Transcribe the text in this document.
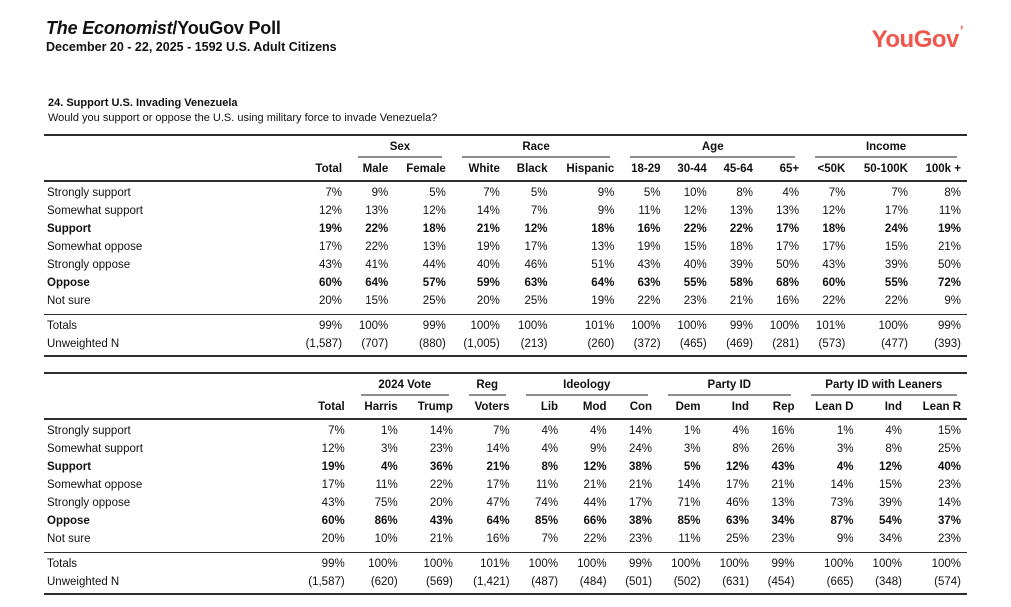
The Economist/YouGov Poll
December 20 - 22, 2025 - 1592 U.S. Adult Citizens	YouGov’
24. Support U.S. Invading Venezuela
Would you support or oppose the U.S. using military force to invade Venezuela?

		Sex		Race			Age				Income		

	Total	Male	Female	White	Black	Hispanic	18-29	30-44	45-64	65+	<50K	50-100K	100k +
Strongly support	7%	9%	5%	7%	5%	9%	5%	10%	8%	4%	7%	7%	8%
Somewhat support	12%	13%	12%	14%	7%	9%	11%	12%	13%	13%	12%	17%	11%
Support	19%	22%	18%	21%	12%	18%	16%	22%	22%	17%	18%	24%	19%
Somewhat oppose	17%	22%	13%	19%	17%	13%	19%	15%	18%	17%	17%	15%	21%
Strongly oppose	43%	41%	44%	40%	46%	51%	43%	40%	39%	50%	43%	39%	50%
Oppose	60%	64%	57%	59%	63%	64%	63%	55%	58%	68%	60%	55%	72%
Not sure	20%	15%	25%	20%	25%	19%	22%	23%	21%	16%	22%	22%	9%
Totals	99%	100%	99%	100%	100%	101%	100%	100%	99%	100%	101%	100%	99%
Unweighted N	(1,587)	(707)	(880)	(1,005)	(213)	(260)	(372)	(465)	(469)	(281)	(573)	(477)	(393)

		2024 Vote		Reg	Ideology			Party ID			Party ID with Leaners		

	Total	Harris	Trump	Voters	Lib	Mod	Con	Dem	Ind	Rep	Lean D	Ind	Lean R
Strongly support	7%	1%	14%	7%	4%	4%	14%	1%	4%	16%	1%	4%	15%
Somewhat support	12%	3%	23%	14%	4%	9%	24%	3%	8%	26%	3%	8%	25%
Support	19%	4%	36%	21%	8%	12%	38%	5%	12%	43%	4%	12%	40%
Somewhat oppose	17%	11%	22%	17%	11%	21%	21%	14%	17%	21%	14%	15%	23%
Strongly oppose	43%	75%	20%	47%	74%	44%	17%	71%	46%	13%	73%	39%	14%
Oppose	60%	86%	43%	64%	85%	66%	38%	85%	63%	34%	87%	54%	37%
Not sure	20%	10%	21%	16%	7%	22%	23%	11%	25%	23%	9%	34%	23%
Totals	99%	100%	100%	101%	100%	100%	99%	100%	100%	99%	100%	100%	100%
Unweighted N	(1,587)	(620)	(569)	(1,421)	(487)	(484)	(501)	(502)	(631)	(454)	(665)	(348)	(574)
